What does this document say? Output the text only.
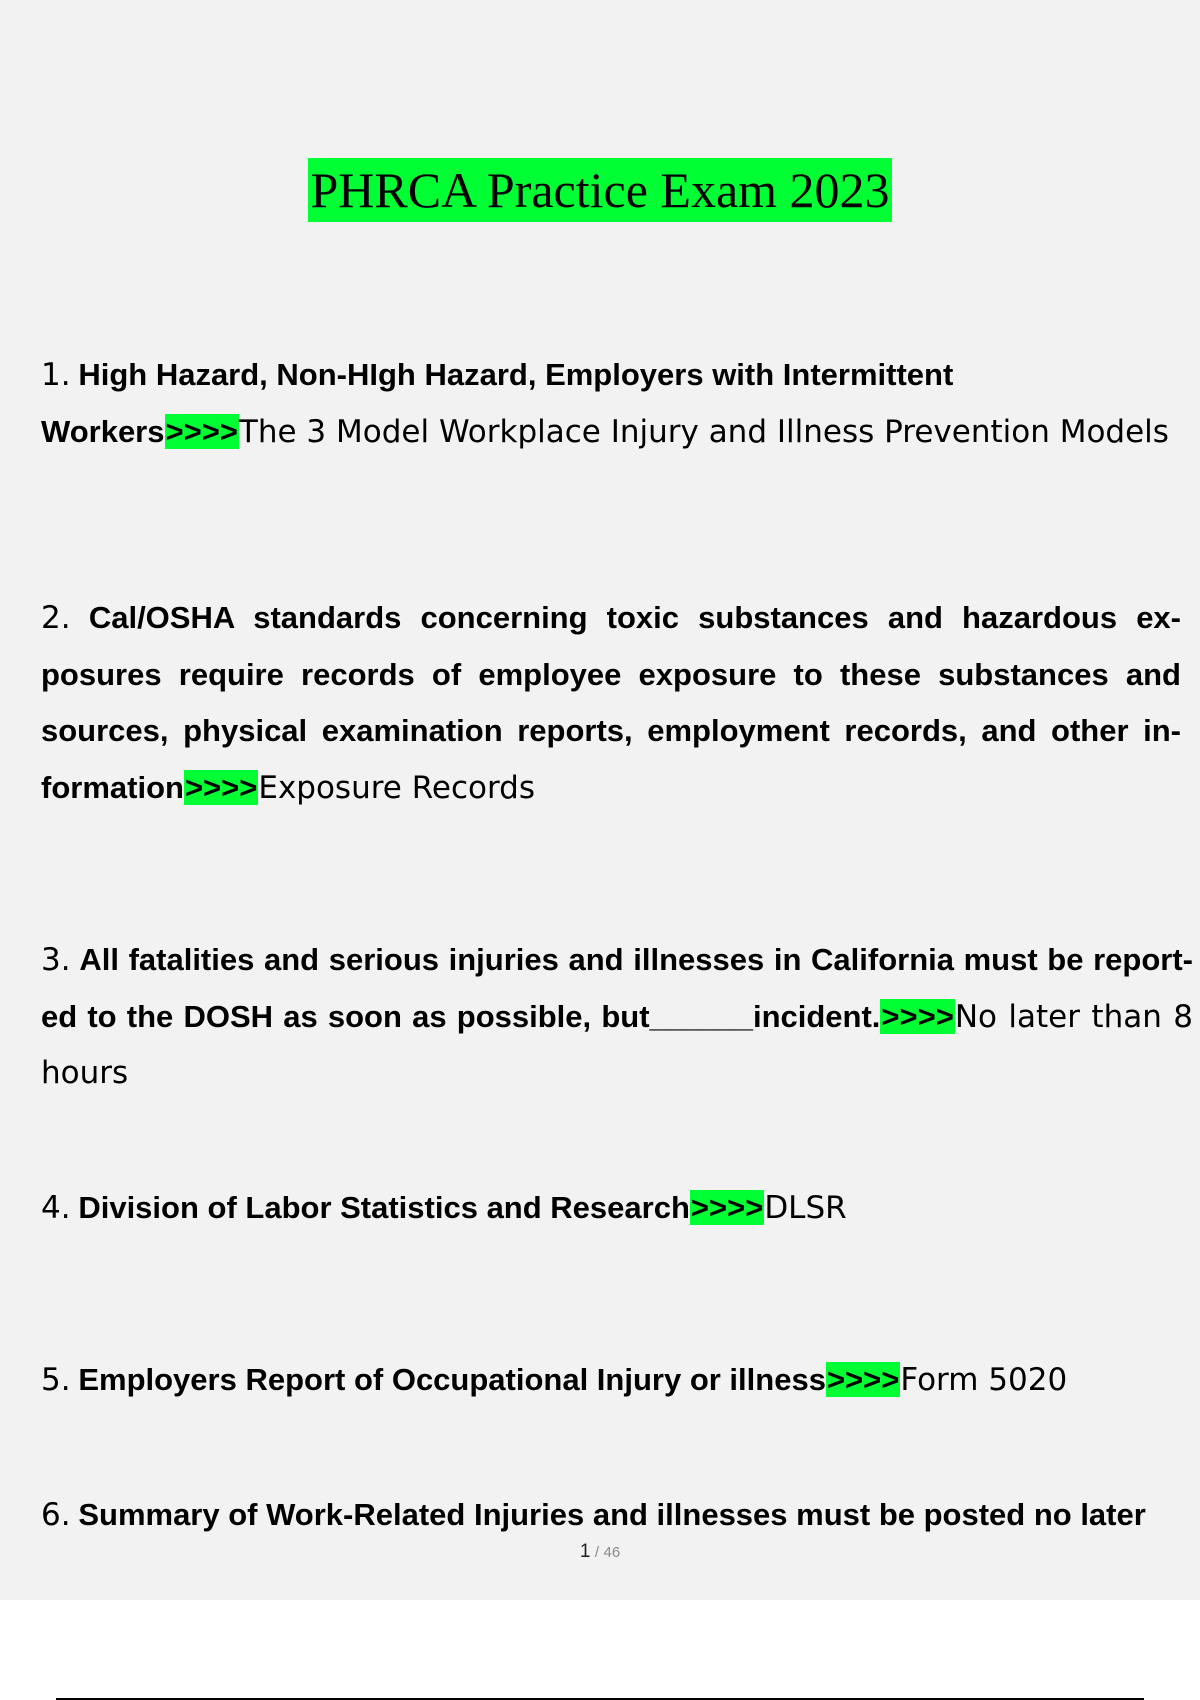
PHRCA Practice Exam 2023
1. High Hazard, Non-HIgh Hazard, Employers with Intermittent Workers>>>>The 3 Model Workplace Injury and Illness Prevention Models
2. Cal/OSHA standards concerning toxic substances and hazardous ex- posures require records of employee exposure to these substances and sources, physical examination reports, employment records, and other in- formation>>>>Exposure Records
3. All fatalities and serious injuries and illnesses in California must be report- ed to the DOSH as soon as possible, but______incident.>>>>No later than 8 hours
4. Division of Labor Statistics and Research>>>>DLSR
5. Employers Report of Occupational Injury or illness>>>>Form 5020
6. Summary of Work-Related Injuries and illnesses must be posted no later
1 / 46
